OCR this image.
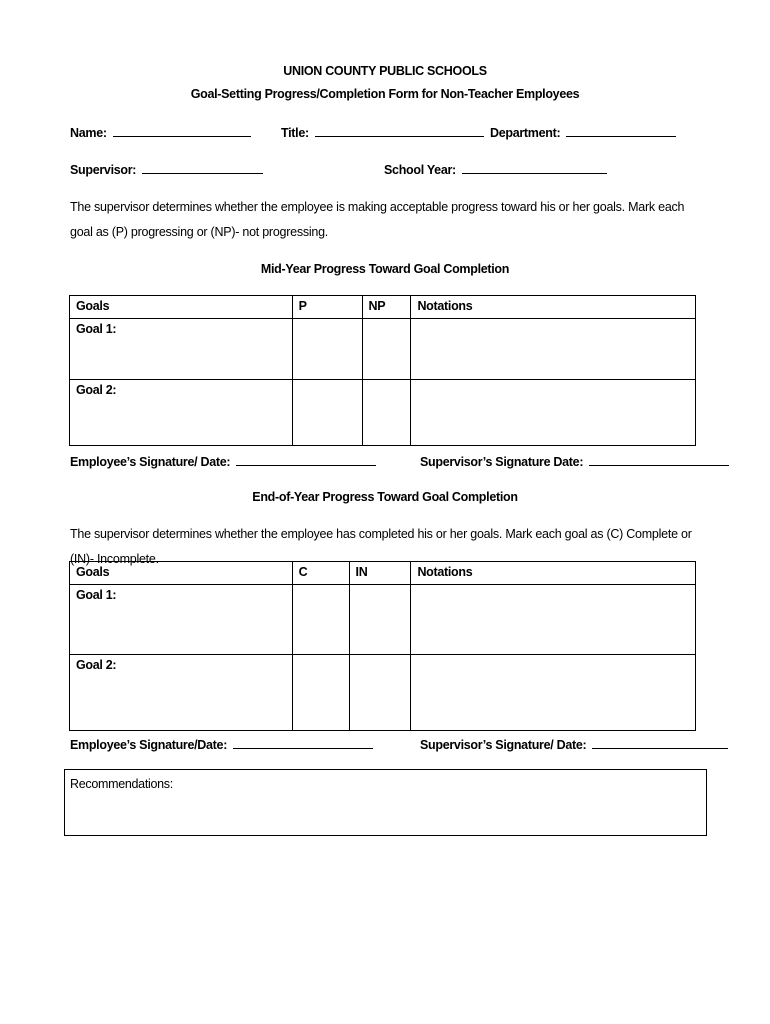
UNION COUNTY PUBLIC SCHOOLS
Goal-Setting Progress/Completion Form for Non-Teacher Employees
Name:	Title:	Department:
Supervisor:	School Year:
The supervisor determines whether the employee is making acceptable progress toward his or her goals. Mark each goal as (P) progressing or (NP)- not progressing.
Mid-Year Progress Toward Goal Completion
Goals	P	NP	Notations
Goal 1:			
Goal 2:			
Employee’s Signature/ Date:	Supervisor’s Signature Date:
End-of-Year Progress Toward Goal Completion
The supervisor determines whether the employee has completed his or her goals. Mark each goal as (C) Complete or (IN)- Incomplete.
Goals	C	IN	Notations
Goal 1:			
Goal 2:			
Employee’s Signature/Date:	Supervisor’s Signature/ Date:
Recommendations:
